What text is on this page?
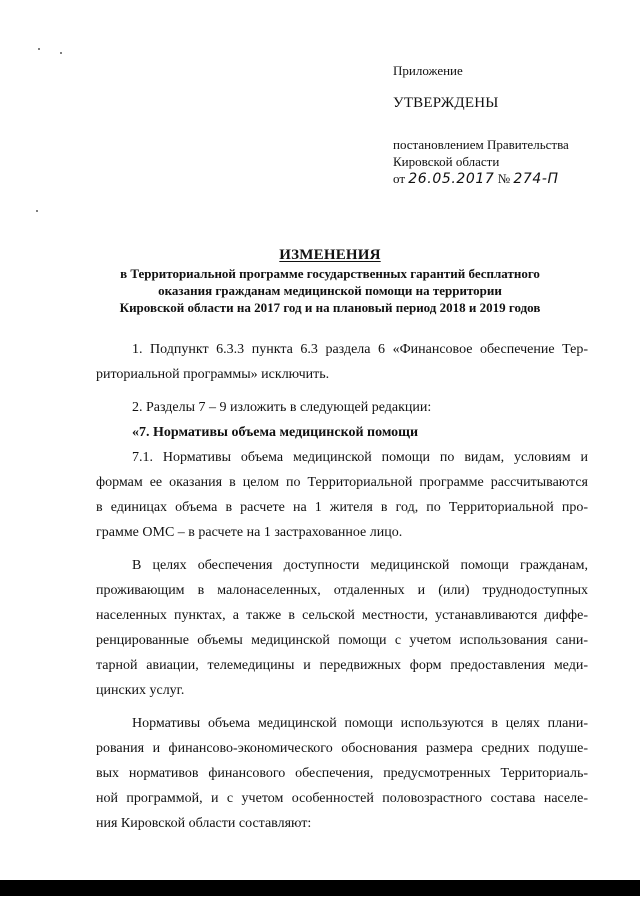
Приложение
УТВЕРЖДЕНЫ
постановлением Правительства
Кировской области
от 26.05.2017 № 274-П
ИЗМЕНЕНИЯ

в Территориальной программе государственных гарантий бесплатного

оказания гражданам медицинской помощи на территории

Кировской области на 2017 год и на плановый период 2018 и 2019 годов

1. Подпункт 6.3.3 пункта 6.3 раздела 6 «Финансовое обеспечение Тер-
риториальной программы» исключить.
2. Разделы 7 – 9 изложить в следующей редакции:
«7. Нормативы объема медицинской помощи
7.1. Нормативы объема медицинской помощи по видам, условиям и
формам ее оказания в целом по Территориальной программе рассчитываются
в единицах объема в расчете на 1 жителя в год, по Территориальной про-
грамме ОМС – в расчете на 1 застрахованное лицо.
В целях обеспечения доступности медицинской помощи гражданам,
проживающим в малонаселенных, отдаленных и (или) труднодоступных
населенных пунктах, а также в сельской местности, устанавливаются диффе-
ренцированные объемы медицинской помощи с учетом использования сани-
тарной авиации, телемедицины и передвижных форм предоставления меди-
цинских услуг.
Нормативы объема медицинской помощи используются в целях плани-
рования и финансово-экономического обоснования размера средних подуше-
вых нормативов финансового обеспечения, предусмотренных Территориаль-
ной программой, и с учетом особенностей половозрастного состава населе-
ния Кировской области составляют:
